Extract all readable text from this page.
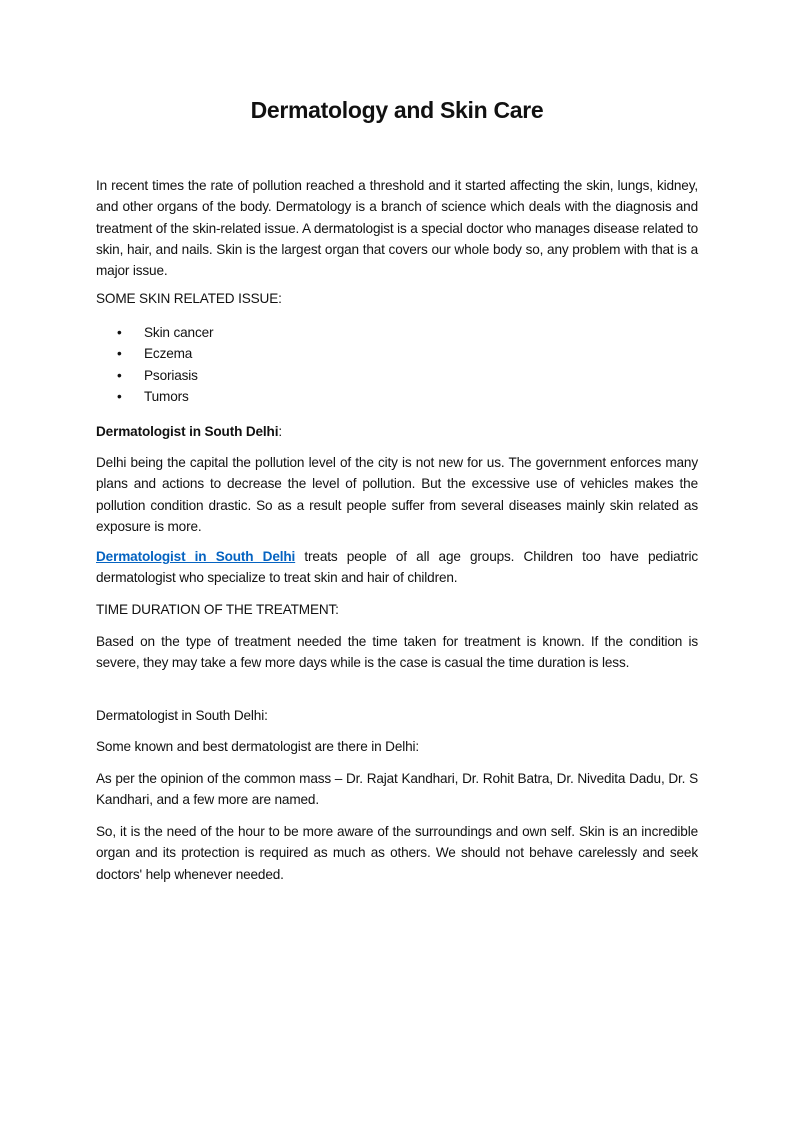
Dermatology and Skin Care

In recent times the rate of pollution reached a threshold and it started affecting the skin, lungs, kidney, and other organs of the body. Dermatology is a branch of science which deals with the diagnosis and treatment of the skin-related issue. A dermatologist is a special doctor who manages disease related to skin, hair, and nails. Skin is the largest organ that covers our whole body so, any problem with that is a major issue.

SOME SKIN RELATED ISSUE:

• Skin cancer
• Eczema
• Psoriasis
• Tumors

Dermatologist in South Delhi:

Delhi being the capital the pollution level of the city is not new for us. The government enforces many plans and actions to decrease the level of pollution. But the excessive use of vehicles makes the pollution condition drastic. So as a result people suffer from several diseases mainly skin related as exposure is more.

Dermatologist in South Delhi treats people of all age groups. Children too have pediatric dermatologist who specialize to treat skin and hair of children.

TIME DURATION OF THE TREATMENT:

Based on the type of treatment needed the time taken for treatment is known. If the condition is severe, they may take a few more days while is the case is casual the time duration is less.

Dermatologist in South Delhi:

Some known and best dermatologist are there in Delhi:

As per the opinion of the common mass – Dr. Rajat Kandhari, Dr. Rohit Batra, Dr. Nivedita Dadu, Dr. S Kandhari, and a few more are named.

So, it is the need of the hour to be more aware of the surroundings and own self. Skin is an incredible organ and its protection is required as much as others. We should not behave carelessly and seek doctors' help whenever needed.
